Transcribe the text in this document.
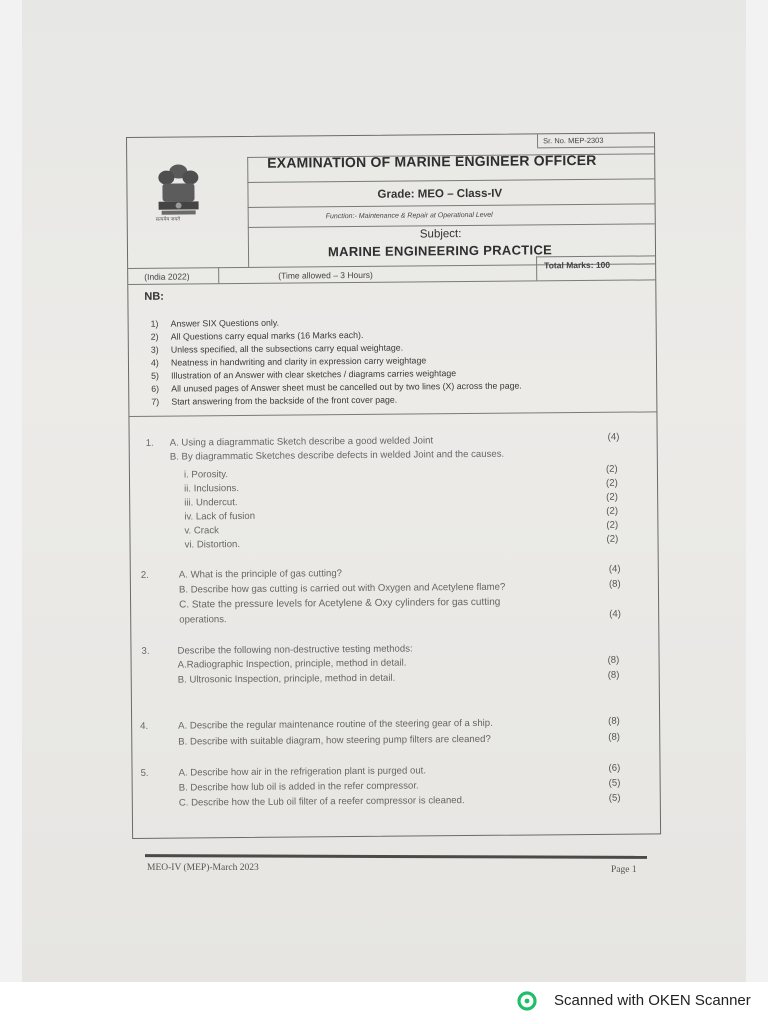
Sr. No. MEP-2303
सत्यमेव जयते
EXAMINATION OF MARINE ENGINEER OFFICER
Grade: MEO – Class-IV
Function:- Maintenance & Repair at Operational Level
Subject:
MARINE ENGINEERING PRACTICE
(India 2022)	(Time allowed – 3 Hours)
Total Marks: 100
NB:
1) Answer SIX Questions only.
2) All Questions carry equal marks (16 Marks each).
3) Unless specified, all the subsections carry equal weightage.
4) Neatness in handwriting and clarity in expression carry weightage
5) Illustration of an Answer with clear sketches / diagrams carries weightage
6) All unused pages of Answer sheet must be cancelled out by two lines (X) across the page.
7) Start answering from the backside of the front cover page.
1. A. Using a diagrammatic Sketch describe a good welded Joint	(4)
B. By diagrammatic Sketches describe defects in welded Joint and the causes.
i. Porosity.	(2)
ii. Inclusions.	(2)
iii. Undercut.	(2)
iv. Lack of fusion	(2)
v. Crack	(2)
vi. Distortion.	(2)
2.	A. What is the principle of gas cutting?	(4)
B. Describe how gas cutting is carried out with Oxygen and Acetylene flame?	(8)
C. State the pressure levels for Acetylene & Oxy cylinders for gas cutting
operations.	(4)
3.	Describe the following non-destructive testing methods:
A.Radiographic Inspection, principle, method in detail.	(8)
B. Ultrosonic Inspection, principle, method in detail.	(8)
4.	A. Describe the regular maintenance routine of the steering gear of a ship.	(8)
B. Describe with suitable diagram, how steering pump filters are cleaned?	(8)
5.	A. Describe how air in the refrigeration plant is purged out.	(6)
B. Describe how lub oil is added in the refer compressor.	(5)
C. Describe how the Lub oil filter of a reefer compressor is cleaned.	(5)
MEO-IV (MEP)-March 2023	Page 1
Scanned with OKEN Scanner
